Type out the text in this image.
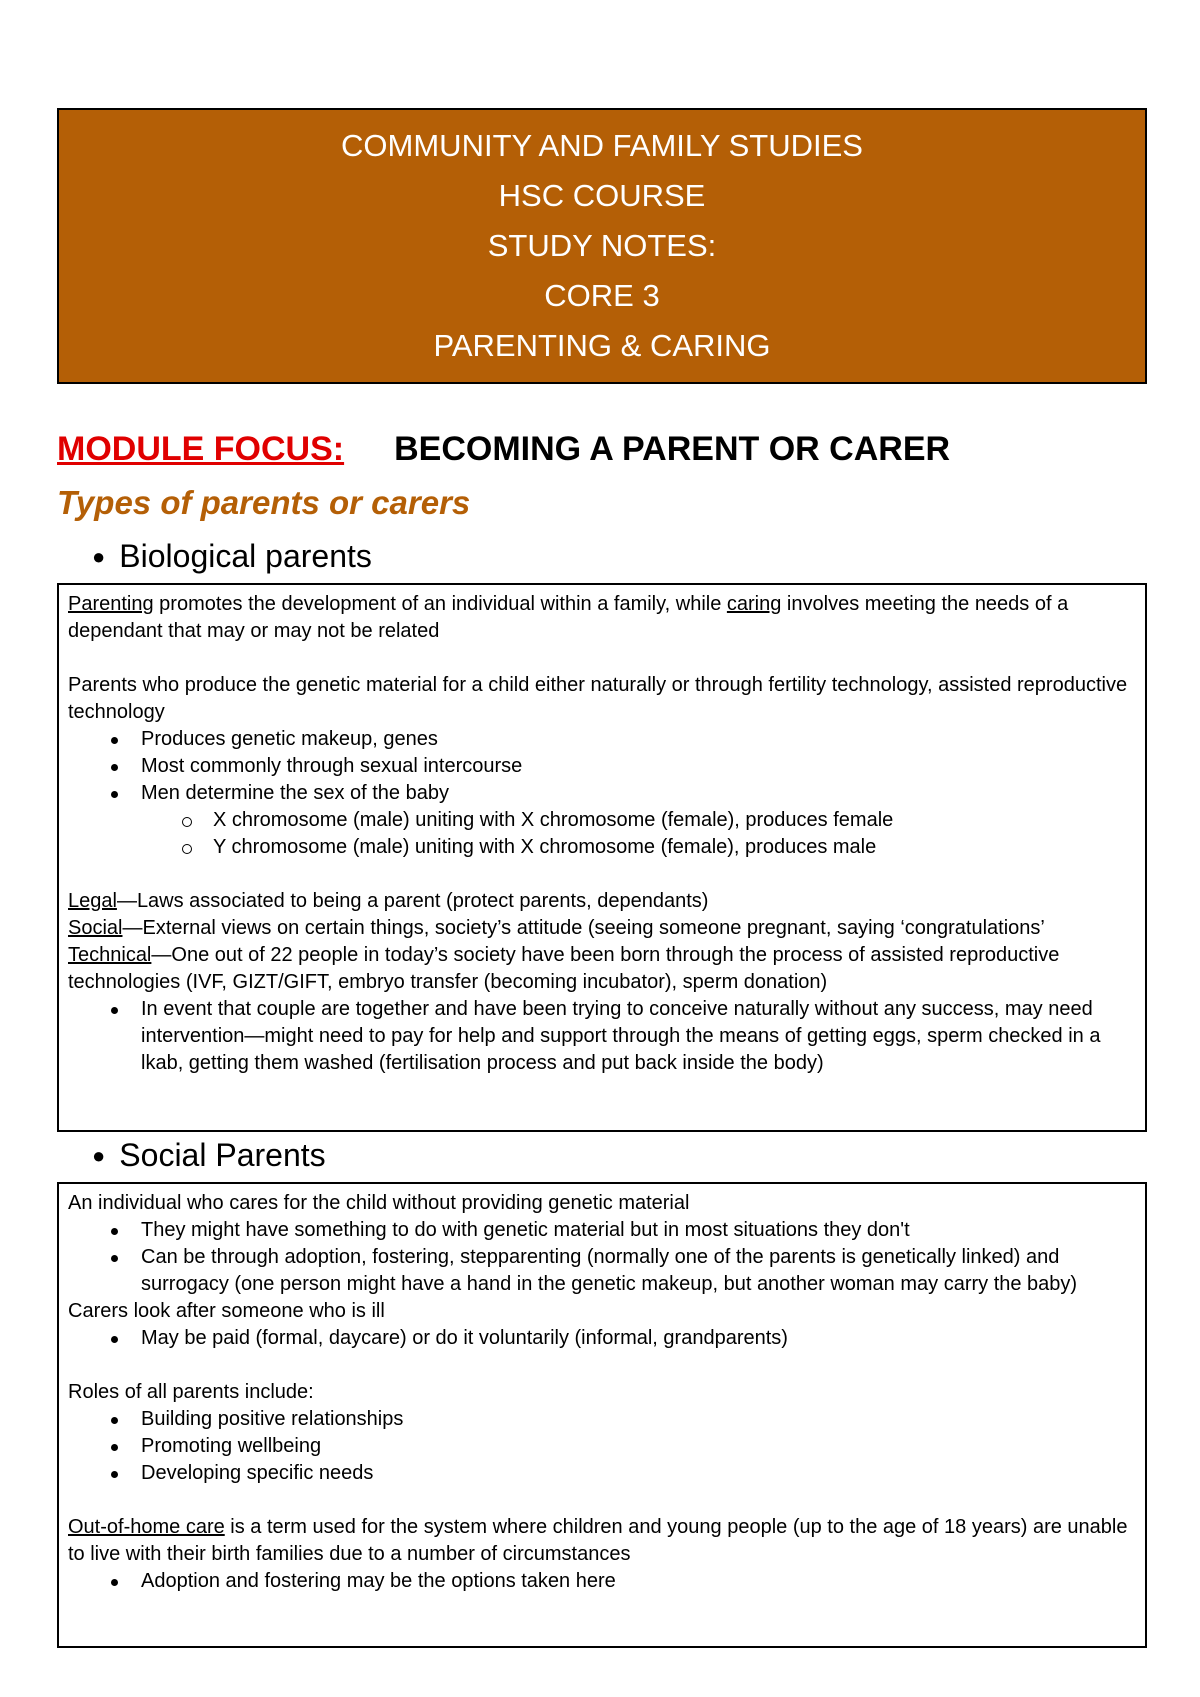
COMMUNITY AND FAMILY STUDIES
HSC COURSE
STUDY NOTES:
CORE 3
PARENTING & CARING
MODULE FOCUS: BECOMING A PARENT OR CARER
Types of parents or carers
● Biological parents
Parenting promotes the development of an individual within a family, while caring involves meeting the needs of a dependant that may or may not be related
Parents who produce the genetic material for a child either naturally or through fertility technology, assisted reproductive technology
Produces genetic makeup, genes
Most commonly through sexual intercourse
Men determine the sex of the baby
X chromosome (male) uniting with X chromosome (female), produces female
Y chromosome (male) uniting with X chromosome (female), produces male
Legal—Laws associated to being a parent (protect parents, dependants)
Social—External views on certain things, society’s attitude (seeing someone pregnant, saying ‘congratulations’
Technical—One out of 22 people in today’s society have been born through the process of assisted reproductive technologies (IVF, GIZT/GIFT, embryo transfer (becoming incubator), sperm donation)
In event that couple are together and have been trying to conceive naturally without any success, may need intervention—might need to pay for help and support through the means of getting eggs, sperm checked in a lkab, getting them washed (fertilisation process and put back inside the body)
● Social Parents
An individual who cares for the child without providing genetic material
They might have something to do with genetic material but in most situations they don't
Can be through adoption, fostering, stepparenting (normally one of the parents is genetically linked) and surrogacy (one person might have a hand in the genetic makeup, but another woman may carry the baby)
Carers look after someone who is ill
May be paid (formal, daycare) or do it voluntarily (informal, grandparents)
Roles of all parents include:
Building positive relationships
Promoting wellbeing
Developing specific needs
Out-of-home care is a term used for the system where children and young people (up to the age of 18 years) are unable to live with their birth families due to a number of circumstances
Adoption and fostering may be the options taken here
